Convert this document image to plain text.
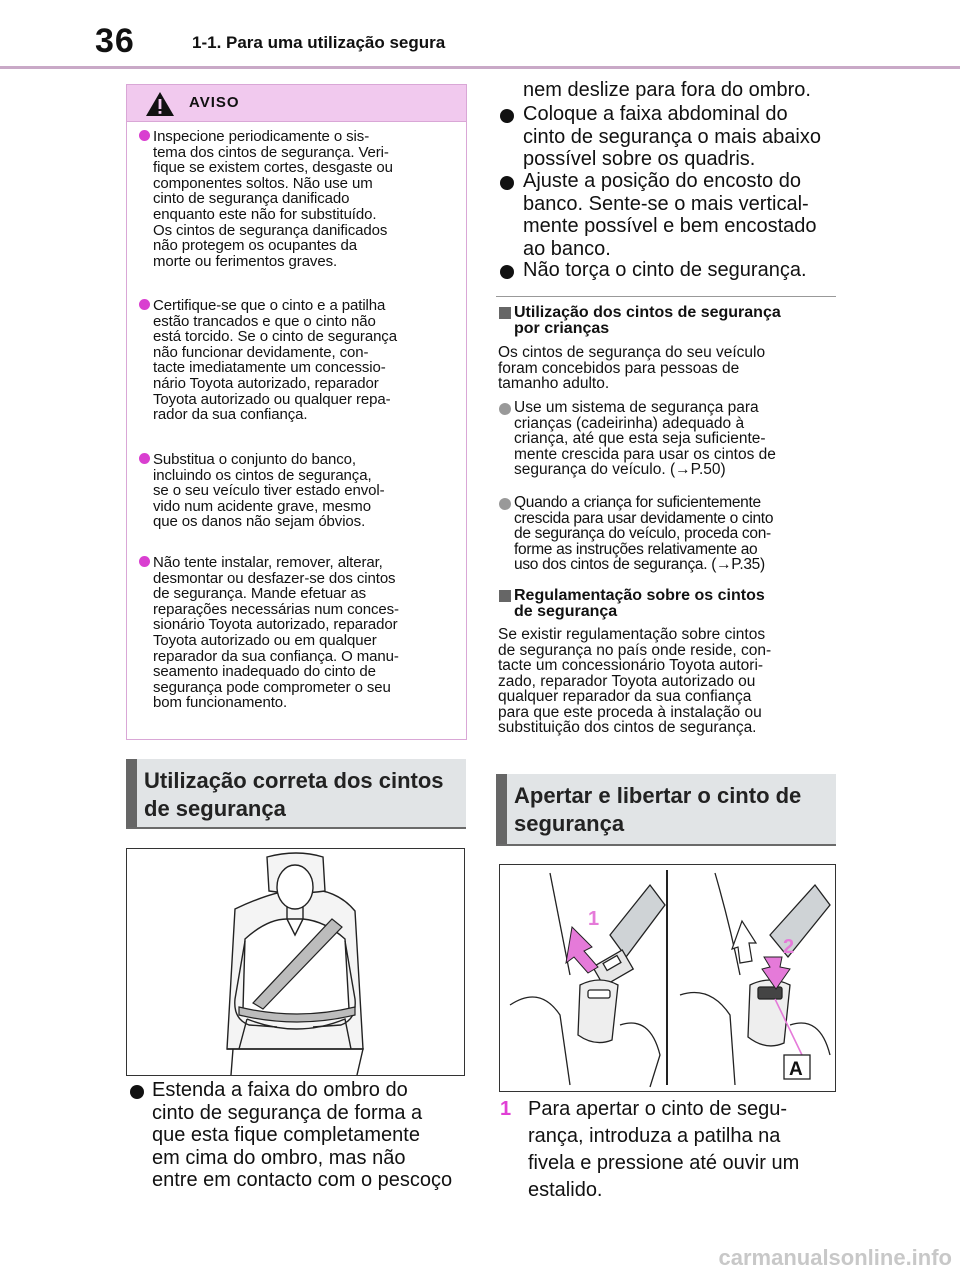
36	1-1. Para uma utilização segura
AVISO
Inspecione periodicamente o sis-
tema dos cintos de segurança. Veri-
fique se existem cortes, desgaste ou
componentes soltos. Não use um
cinto de segurança danificado
enquanto este não for substituído.
Os cintos de segurança danificados
não protegem os ocupantes da
morte ou ferimentos graves.
Certifique-se que o cinto e a patilha
estão trancados e que o cinto não
está torcido. Se o cinto de segurança
não funcionar devidamente, con-
tacte imediatamente um concessio-
nário Toyota autorizado, reparador
Toyota autorizado ou qualquer repa-
rador da sua confiança.
Substitua o conjunto do banco,
incluindo os cintos de segurança,
se o seu veículo tiver estado envol-
vido num acidente grave, mesmo
que os danos não sejam óbvios.
Não tente instalar, remover, alterar,
desmontar ou desfazer-se dos cintos
de segurança. Mande efetuar as
reparações necessárias num conces-
sionário Toyota autorizado, reparador
Toyota autorizado ou em qualquer
reparador da sua confiança. O manu-
seamento inadequado do cinto de
segurança pode comprometer o seu
bom funcionamento.
Utilização correta dos cintos
de segurança
Estenda a faixa do ombro do
cinto de segurança de forma a
que esta fique completamente
em cima do ombro, mas não
entre em contacto com o pescoço
nem deslize para fora do ombro.
Coloque a faixa abdominal do
cinto de segurança o mais abaixo
possível sobre os quadris.
Ajuste a posição do encosto do
banco. Sente-se o mais vertical-
mente possível e bem encostado
ao banco.
Não torça o cinto de segurança.
Utilização dos cintos de segurança
por crianças
Os cintos de segurança do seu veículo
foram concebidos para pessoas de
tamanho adulto.
Use um sistema de segurança para
crianças (cadeirinha) adequado à
criança, até que esta seja suficiente-
mente crescida para usar os cintos de
segurança do veículo. (→P.50)
Quando a criança for suficientemente
crescida para usar devidamente o cinto
de segurança do veículo, proceda con-
forme as instruções relativamente ao
uso dos cintos de segurança. (→P.35)
Regulamentação sobre os cintos
de segurança
Se existir regulamentação sobre cintos
de segurança no país onde reside, con-
tacte um concessionário Toyota autori-
zado, reparador Toyota autorizado ou
qualquer reparador da sua confiança
para que este proceda à instalação ou
substituição dos cintos de segurança.
Apertar e libertar o cinto de
segurança
1
2
A
1 Para apertar o cinto de segu-
rança, introduza a patilha na
fivela e pressione até ouvir um
estalido.
carmanualsonline.info
